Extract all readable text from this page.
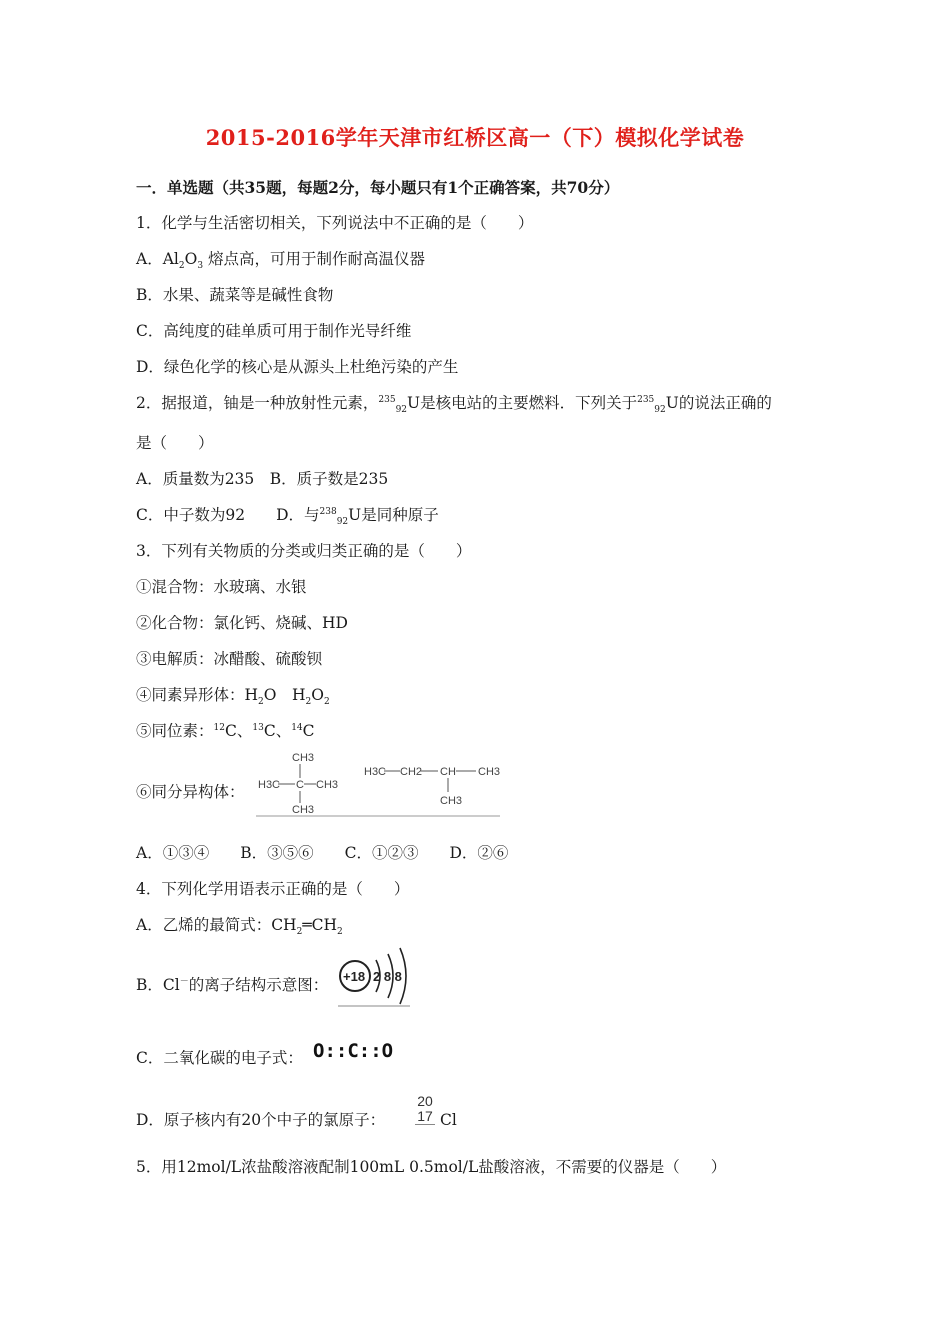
2015-2016学年天津市红桥区高一（下）模拟化学试卷
一．单选题（共35题，每题2分，每小题只有1个正确答案，共70分）
1．化学与生活密切相关，下列说法中不正确的是（　　）
A．$Al_2O_3$ 熔点高，可用于制作耐高温仪器
B．水果、蔬菜等是碱性食物
C．高纯度的硅单质可用于制作光导纤维
D．绿色化学的核心是从源头上杜绝污染的产生
2．据报道，铀是一种放射性元素，$^{235}_{92}$U是核电站的主要燃料．下列关于$^{235}_{92}$U的说法正确的
是（　　）
A．质量数为235　B．质子数是235
C．中子数为92　　D．与$^{238}_{92}$U是同种原子
3．下列有关物质的分类或归类正确的是（　　）
①混合物：水玻璃、水银
②化合物：氯化钙、烧碱、HD
③电解质：冰醋酸、硫酸钡
④同素异形体：$H_2O$　$H_2O_2$
⑤同位素：$^{12}$C、$^{13}$C、$^{14}$C
⑥同分异构体：
CH3
H3C C CH3
CH3
H3C CH2 CH CH3
CH3
A．①③④　　B．③⑤⑥　　C．①②③　　D．②⑥
4．下列化学用语表示正确的是（　　）
A．乙烯的最简式：$CH_2═CH_2$
B．Cl－的离子结构示意图： +18 2 8 8
C．二氧化碳的电子式： O::C::O
D．原子核内有20个中子的氯原子：
20
17 Cl
5．用12mol/L浓盐酸溶液配制100mL 0.5mol/L盐酸溶液，不需要的仪器是（　　）
